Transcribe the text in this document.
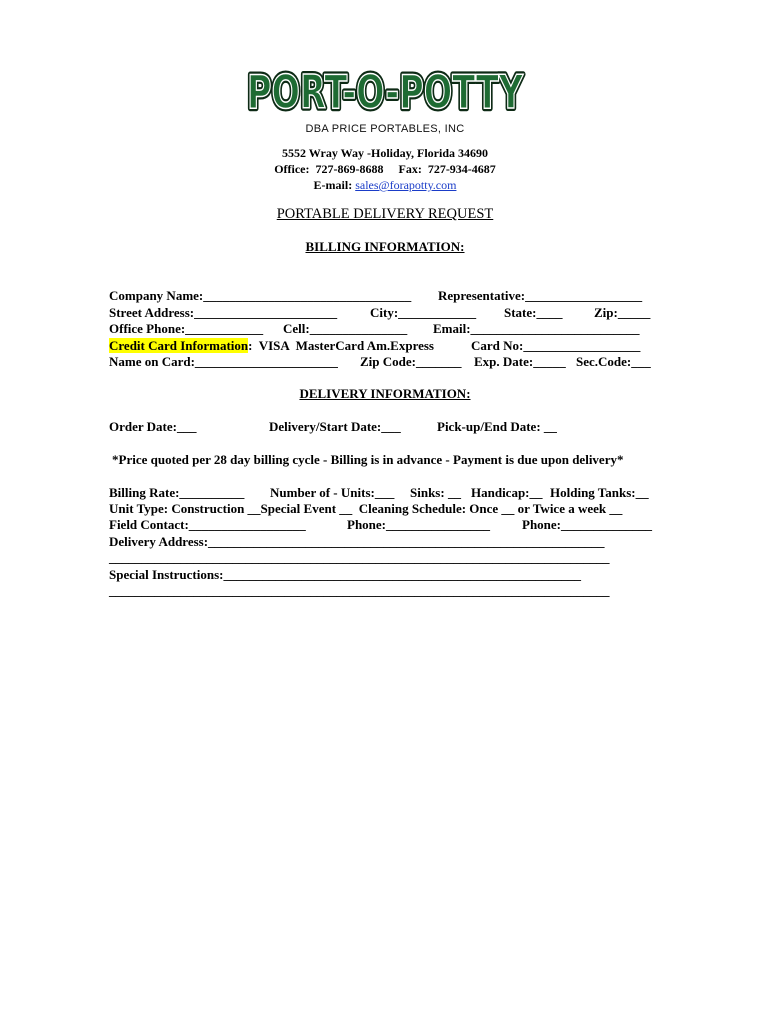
PORT-O-POTTY
PORT-O-POTTY
DBA PRICE PORTABLES, INC
5552 Wray Way -Holiday, Florida 34690
Office:  727-869-8688     Fax:  727-934-4687
E-mail: sales@forapotty.com
PORTABLE DELIVERY REQUEST
BILLING INFORMATION:
Company Name:________________________________ Representative:__________________
Street Address:______________________	City:____________ State:____ Zip:_____
Office Phone:____________ Cell:_______________ Email:__________________________
Credit Card Information:  VISA  MasterCard Am.Express	Card No:__________________
Name on Card:______________________ Zip Code:_______ Exp. Date:_____ Sec.Code:___
DELIVERY INFORMATION:
Order Date:___	Delivery/Start Date:___	Pick-up/End Date: __
*Price quoted per 28 day billing cycle - Billing is in advance - Payment is due upon delivery*
Billing Rate:__________ Number of - Units:___ Sinks: __ Handicap:__ Holding Tanks:__
Unit Type: Construction __Special Event __  Cleaning Schedule: Once __ or Twice a week __
Field Contact:__________________	Phone:________________ Phone:______________
Delivery Address:_____________________________________________________________
_____________________________________________________________________________
Special Instructions:_______________________________________________________
_____________________________________________________________________________
